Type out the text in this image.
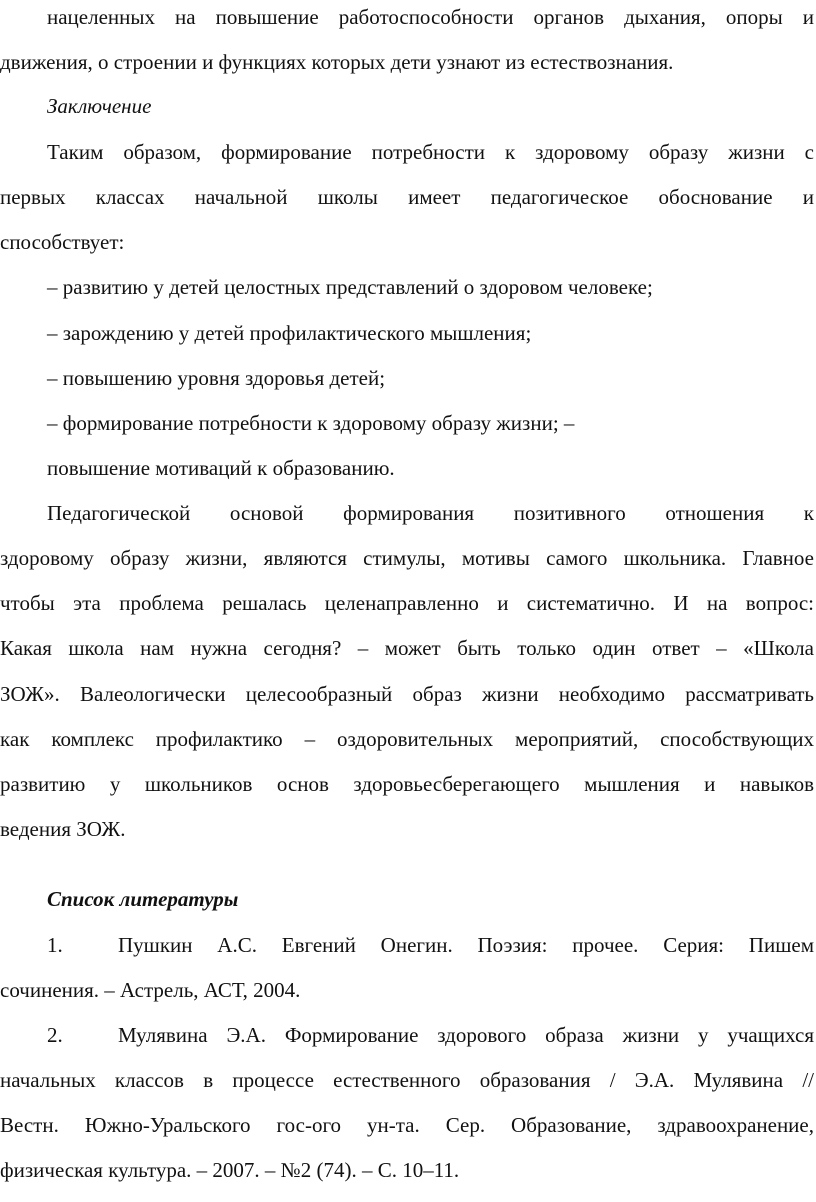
нацеленных на повышение работоспособности органов дыхания, опоры и
движения, о строении и функциях которых дети узнают из естествознания.
Заключение
Таким образом, формирование потребности к здоровому образу жизни с
первых классах начальной школы имеет педагогическое обоснование и
способствует:
– развитию у детей целостных представлений о здоровом человеке;
– зарождению у детей профилактического мышления;
– повышению уровня здоровья детей;
– формирование потребности к здоровому образу жизни; –
повышение мотиваций к образованию.
Педагогической основой формирования позитивного отношения к
здоровому образу жизни, являются стимулы, мотивы самого школьника. Главное
чтобы эта проблема решалась целенаправленно и систематично. И на вопрос:
Какая школа нам нужна сегодня? – может быть только один ответ – «Школа
ЗОЖ». Валеологически целесообразный образ жизни необходимо рассматривать
как комплекс профилактико – оздоровительных мероприятий, способствующих
развитию у школьников основ здоровьесберегающего мышления и навыков
ведения ЗОЖ.
Список литературы
1.	Пушкин А.С. Евгений Онегин. Поэзия: прочее. Серия: Пишем
сочинения. – Астрель, АСТ, 2004.
2.	Мулявина Э.А. Формирование здорового образа жизни у учащихся
начальных классов в процессе естественного образования / Э.А. Мулявина //
Вестн. Южно-Уральского гос-ого ун-та. Сер. Образование, здравоохранение,
физическая культура. – 2007. – №2 (74). – С. 10–11.
